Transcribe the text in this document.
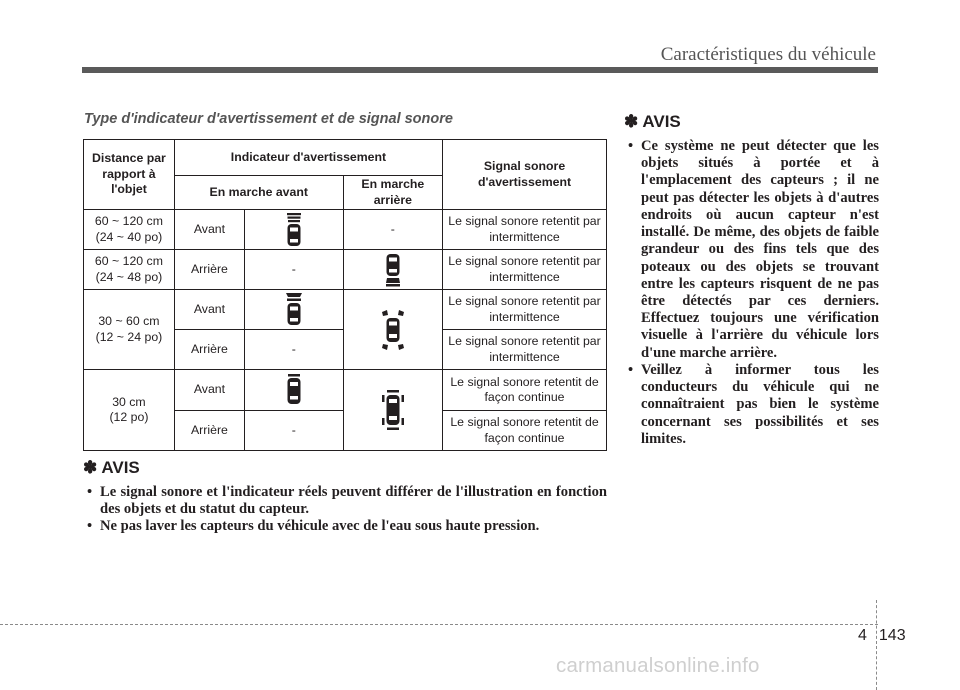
Caractéristiques du véhicule
Type d'indicateur d'avertissement et de signal sonore
Distance par rapport à l'objet	Indicateur d'avertissement			Signal sonore d'avertissement
	En marche avant		En marche arrière	
60 ~ 120 cm
(24 ~ 40 po)	Avant		-	Le signal sonore retentit par intermittence
60 ~ 120 cm
(24 ~ 48 po)	Arrière	-		Le signal sonore retentit par intermittence
30 ~ 60 cm
(12 ~ 24 po)	Avant			Le signal sonore retentit par intermittence
	Arrière	-		Le signal sonore retentit par intermittence
30 cm
(12 po)	Avant			Le signal sonore retentit de façon continue
	Arrière	-		Le signal sonore retentit de façon continue
✽ AVIS
• Le signal sonore et l'indicateur réels peuvent différer de l'illustration en fonction des objets et du statut du capteur.
• Ne pas laver les capteurs du véhicule avec de l'eau sous haute pression.
✽ AVIS
• Ce système ne peut détecter que les objets situés à portée et à l'emplacement des capteurs ; il ne peut pas détecter les objets à d'autres endroits où aucun capteur n'est installé. De même, des objets de faible grandeur ou des fins tels que des poteaux ou des objets se trouvant entre les capteurs risquent de ne pas être détectés par ces derniers. Effectuez toujours une vérification visuelle à l'arrière du véhicule lors d'une marche arrière.
• Veillez à informer tous les conducteurs du véhicule qui ne connaîtraient pas bien le système concernant ses possibilités et ses limites.
4 143
carmanualsonline.info
